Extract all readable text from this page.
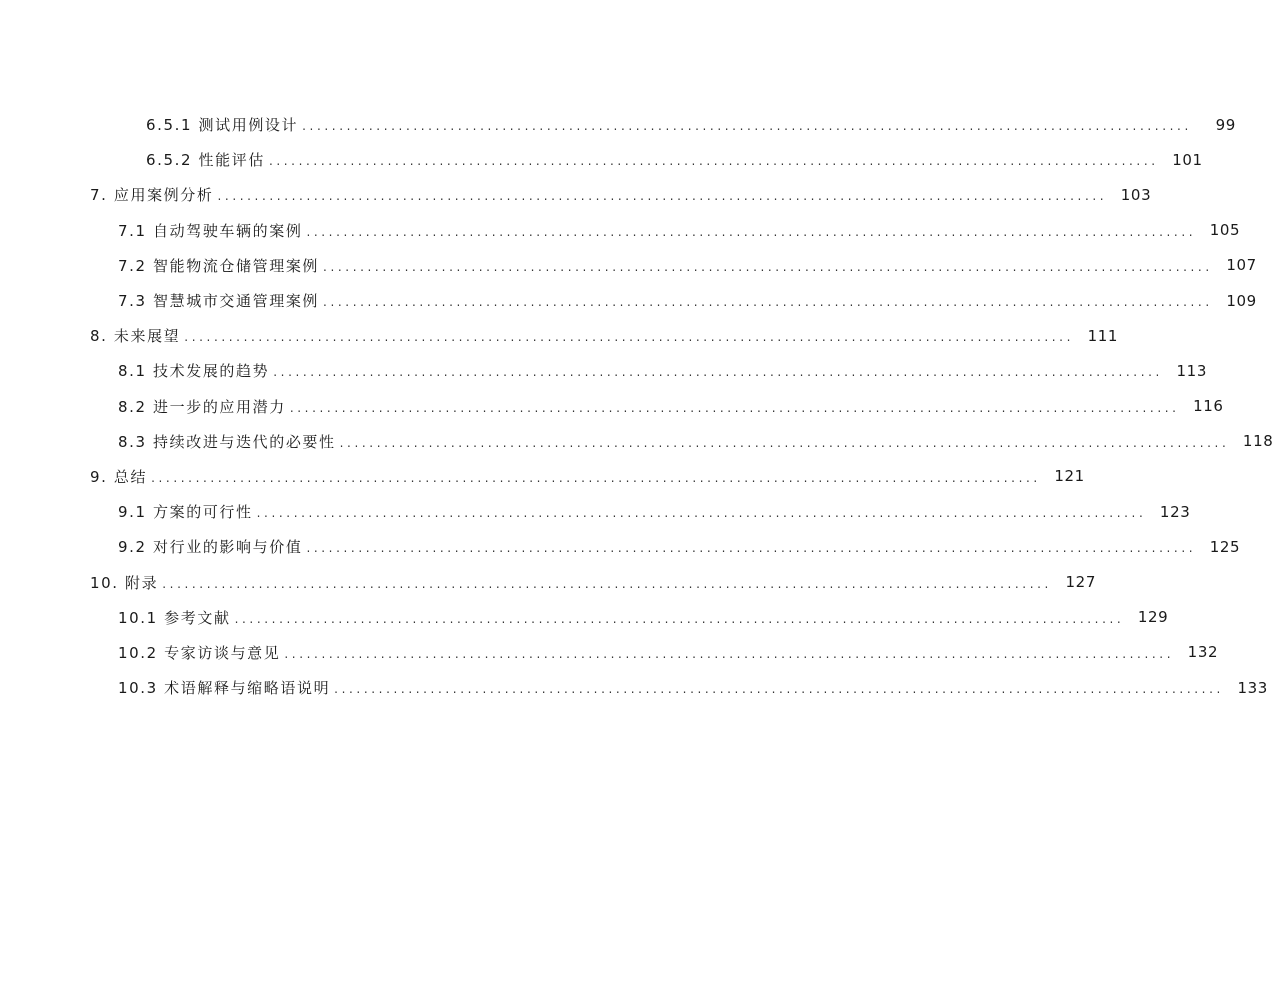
6.5.1 测试用例设计 ........................................................................................................................	99
6.5.2 性能评估 ........................................................................................................................ 101
7. 应用案例分析 ........................................................................................................................ 103
7.1 自动驾驶车辆的案例 ........................................................................................................................ 105
7.2 智能物流仓储管理案例 ........................................................................................................................ 107
7.3 智慧城市交通管理案例 ........................................................................................................................ 109
8. 未来展望 ........................................................................................................................ 111
8.1 技术发展的趋势 ........................................................................................................................ 113
8.2 进一步的应用潜力 ........................................................................................................................ 116
8.3 持续改进与迭代的必要性 ........................................................................................................................ 118
9. 总结 ........................................................................................................................ 121
9.1 方案的可行性 ........................................................................................................................ 123
9.2 对行业的影响与价值 ........................................................................................................................ 125
10. 附录 ........................................................................................................................ 127
10.1 参考文献 ........................................................................................................................ 129
10.2 专家访谈与意见 ........................................................................................................................ 132
10.3 术语解释与缩略语说明 ........................................................................................................................ 133
